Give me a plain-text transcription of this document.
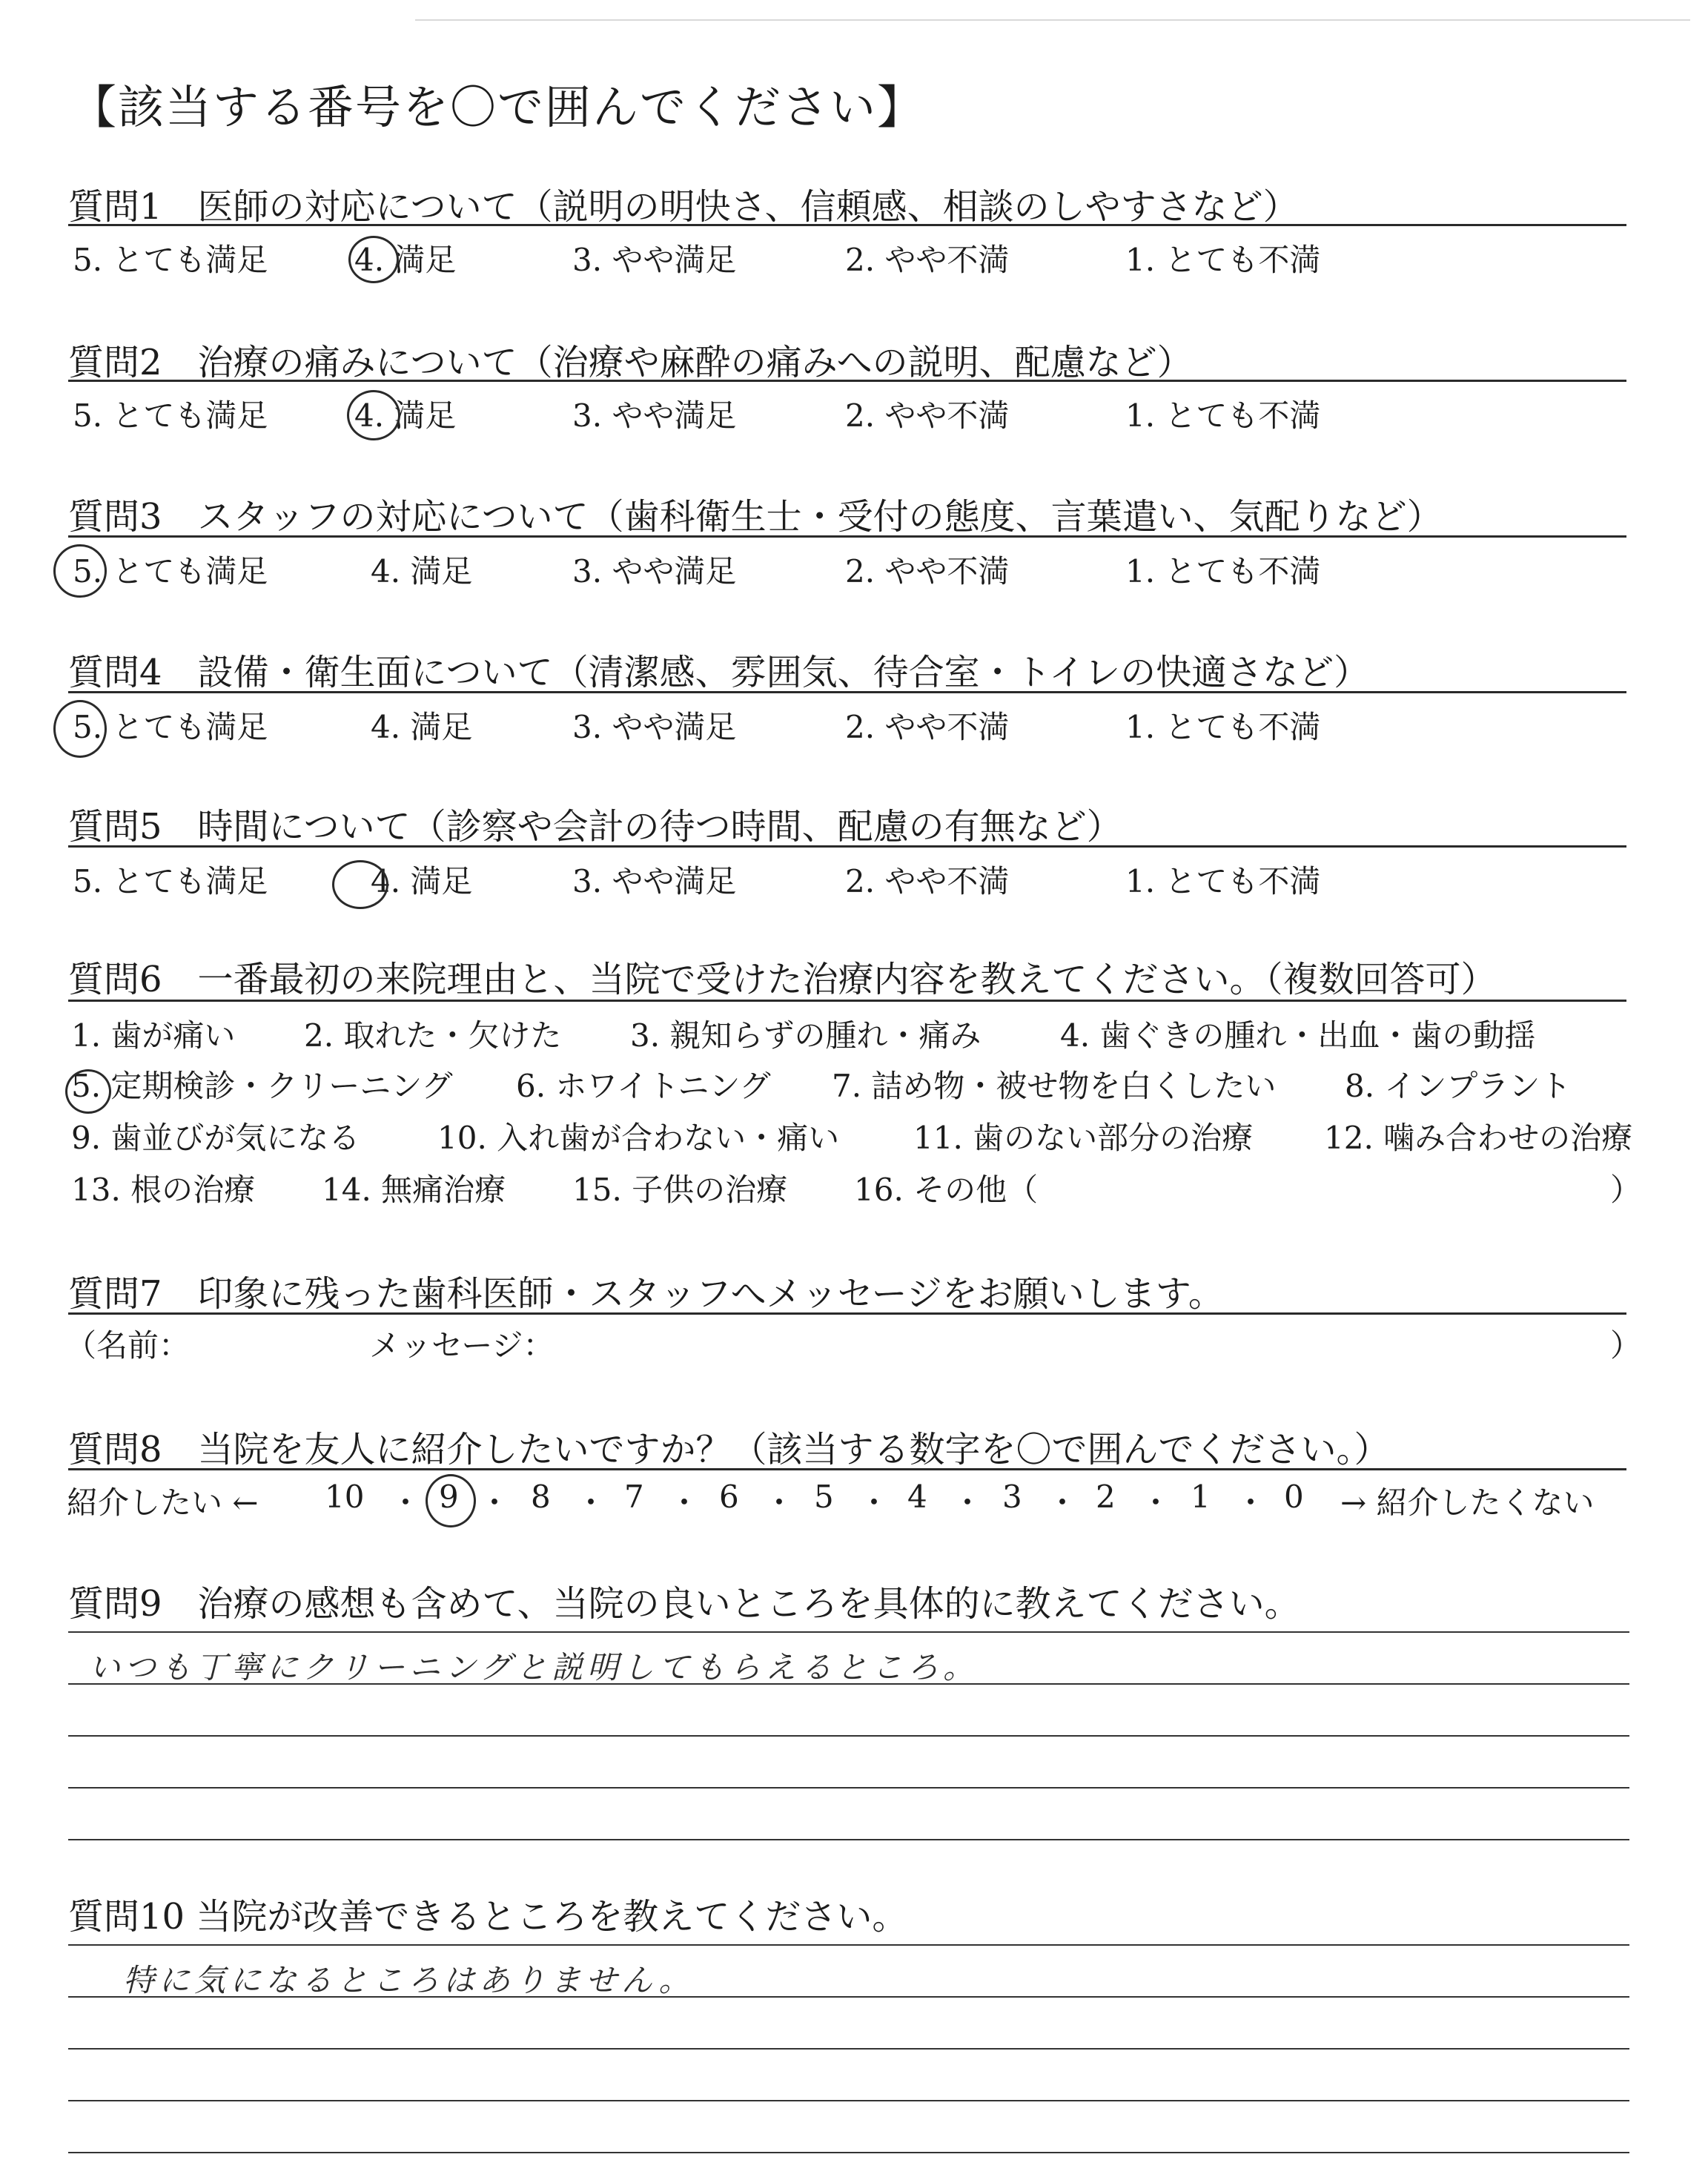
【該当する番号を〇で囲んでください】
質問1　医師の対応について（説明の明快さ、信頼感、相談のしやすさなど）
5. とても満足	4. 満足	3. やや満足	2. やや不満	1. とても不満
質問2　治療の痛みについて（治療や麻酔の痛みへの説明、配慮など）
5. とても満足	4. 満足	3. やや満足	2. やや不満	1. とても不満
質問3　スタッフの対応について（歯科衛生士・受付の態度、言葉遣い、気配りなど）
5. とても満足	4. 満足	3. やや満足	2. やや不満	1. とても不満
質問4　設備・衛生面について（清潔感、雰囲気、待合室・トイレの快適さなど）
5. とても満足	4. 満足	3. やや満足	2. やや不満	1. とても不満
質問5　時間について（診察や会計の待つ時間、配慮の有無など）
5. とても満足	4. 満足	3. やや満足	2. やや不満	1. とても不満
質問6　一番最初の来院理由と、当院で受けた治療内容を教えてください。（複数回答可）
1. 歯が痛い 2. 取れた・欠けた 3. 親知らずの腫れ・痛み	4. 歯ぐきの腫れ・出血・歯の動揺
5. 定期検診・クリーニング 6. ホワイトニング 7. 詰め物・被せ物を白くしたい 8. インプラント
9. 歯並びが気になる 10. 入れ歯が合わない・痛い 11. 歯のない部分の治療 12. 噛み合わせの治療
13. 根の治療 14. 無痛治療 15. 子供の治療 16. その他（	）
質問7　印象に残った歯科医師・スタッフへメッセージをお願いします。
（名前：	メッセージ：	）
質問8　当院を友人に紹介したいですか？（該当する数字を〇で囲んでください。）
紹介したい ← 10 ・ 9 ・ 8 ・ 7 ・ 6 ・ 5 ・ 4 ・ 3 ・ 2 ・ 1 ・ 0 → 紹介したくない
質問9　治療の感想も含めて、当院の良いところを具体的に教えてください。
いつも丁寧にクリーニングと説明してもらえるところ。
質問10 当院が改善できるところを教えてください。
特に気になるところはありません。
